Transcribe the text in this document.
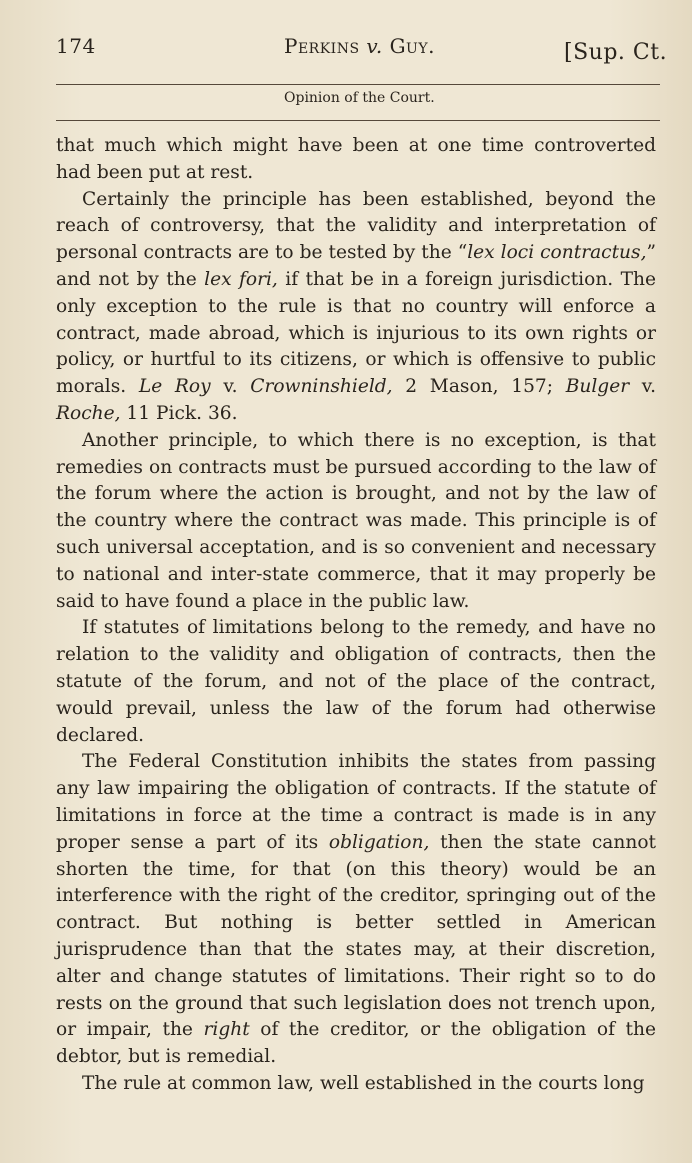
174	Perkins v. Guy.	[Sup. Ct.
Opinion of the Court.

that much which might have been at one time controverted had been put at rest.

Certainly the principle has been established, beyond the reach of controversy, that the validity and interpretation of personal contracts are to be tested by the “lex loci contractus,” and not by the lex fori, if that be in a foreign jurisdiction. The only exception to the rule is that no country will enforce a contract, made abroad, which is injurious to its own rights or policy, or hurtful to its citizens, or which is offensive to public morals. Le Roy v. Crowninshield, 2 Mason, 157; Bulger v. Roche, 11 Pick. 36.

Another principle, to which there is no exception, is that remedies on contracts must be pursued according to the law of the forum where the action is brought, and not by the law of the country where the contract was made. This principle is of such universal acceptation, and is so convenient and necessary to national and inter-state commerce, that it may properly be said to have found a place in the public law.

If statutes of limitations belong to the remedy, and have no relation to the validity and obligation of contracts, then the statute of the forum, and not of the place of the contract, would prevail, unless the law of the forum had otherwise declared.

The Federal Constitution inhibits the states from passing any law impairing the obligation of contracts. If the statute of limitations in force at the time a contract is made is in any proper sense a part of its obligation, then the state cannot shorten the time, for that (on this theory) would be an interference with the right of the creditor, springing out of the contract. But nothing is better settled in American jurisprudence than that the states may, at their discretion, alter and change statutes of limitations. Their right so to do rests on the ground that such legislation does not trench upon, or impair, the right of the creditor, or the obligation of the debtor, but is remedial.

The rule at common law, well established in the courts long
